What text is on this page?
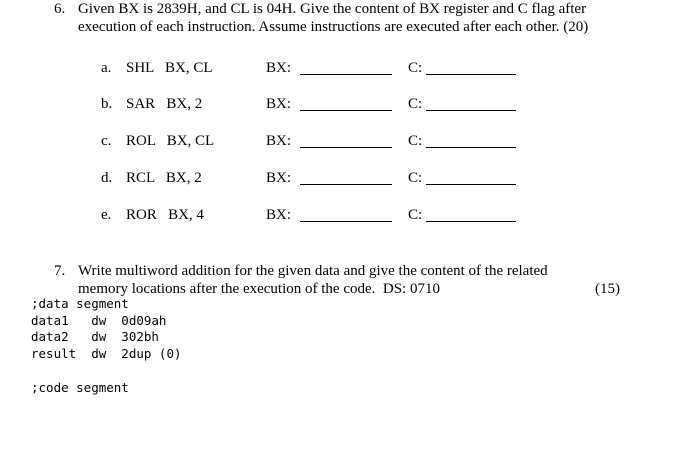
6. Given BX is 2839H, and CL is 04H. Give the content of BX register and C flag after
execution of each instruction. Assume instructions are executed after each other. (20)
a. SHL   BX, CL	BX:	C:
b. SAR   BX, 2	BX:	C:
c. ROL   BX, CL	BX:	C:
d. RCL   BX, 2	BX:	C:
e. ROR   BX, 4	BX:	C:
7. Write multiword addition for the given data and give the content of the related
memory locations after the execution of the code.  DS: 0710	(15)
;data segment
data1   dw  0d09ah
data2   dw  302bh
result  dw  2dup (0)
;code segment
